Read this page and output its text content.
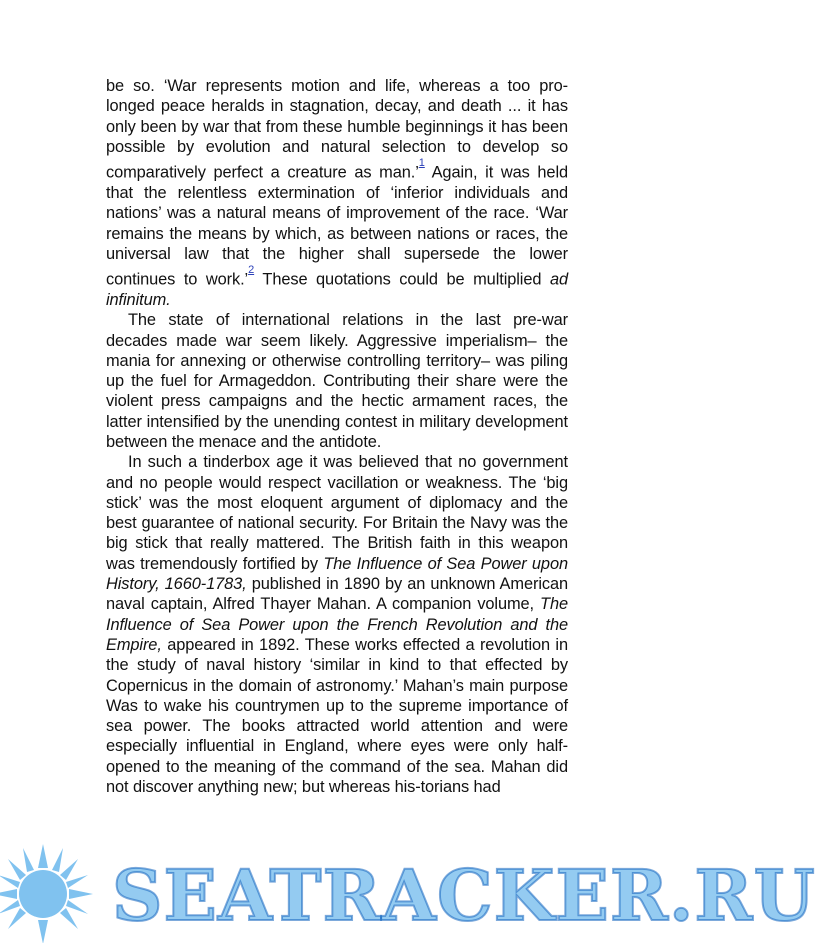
be so. ‘War represents motion and life, whereas a too pro-longed peace heralds in stagnation, decay, and death ... it has only been by war that from these humble beginnings it has been possible by evolution and natural selection to develop so comparatively perfect a creature as man.’$^{^1}$ Again, it was held that the relentless extermination of ‘inferior individuals and nations’ was a natural means of improvement of the race. ‘War remains the means by which, as between nations or races, the universal law that the higher shall supersede the lower continues to work.’$^{^2}$ These quotations could be multiplied ad infinitum.

The state of international relations in the last pre-war decades made war seem likely. Aggressive imperialism– the mania for annexing or otherwise controlling territory– was piling up the fuel for Armageddon. Contributing their share were the violent press campaigns and the hectic armament races, the latter intensified by the unending contest in military development between the menace and the antidote.

In such a tinderbox age it was believed that no government and no people would respect vacillation or weakness. The ‘big stick’ was the most eloquent argument of diplomacy and the best guarantee of national security. For Britain the Navy was the big stick that really mattered. The British faith in this weapon was tremendously fortified by The Influence of Sea Power upon History, 1660-1783, published in 1890 by an unknown American naval captain, Alfred Thayer Mahan. A companion volume, The Influence of Sea Power upon the French Revolution and the Empire, appeared in 1892. These works effected a revolution in the study of naval history ‘similar in kind to that effected by Copernicus in the domain of astronomy.’ Mahan’s main purpose Was to wake his countrymen up to the supreme importance of sea power. The books attracted world attention and were especially influential in England, where eyes were only half-opened to the meaning of the command of the sea. Mahan did not discover anything new; but whereas his-torians had

SEATRACKER.RU
